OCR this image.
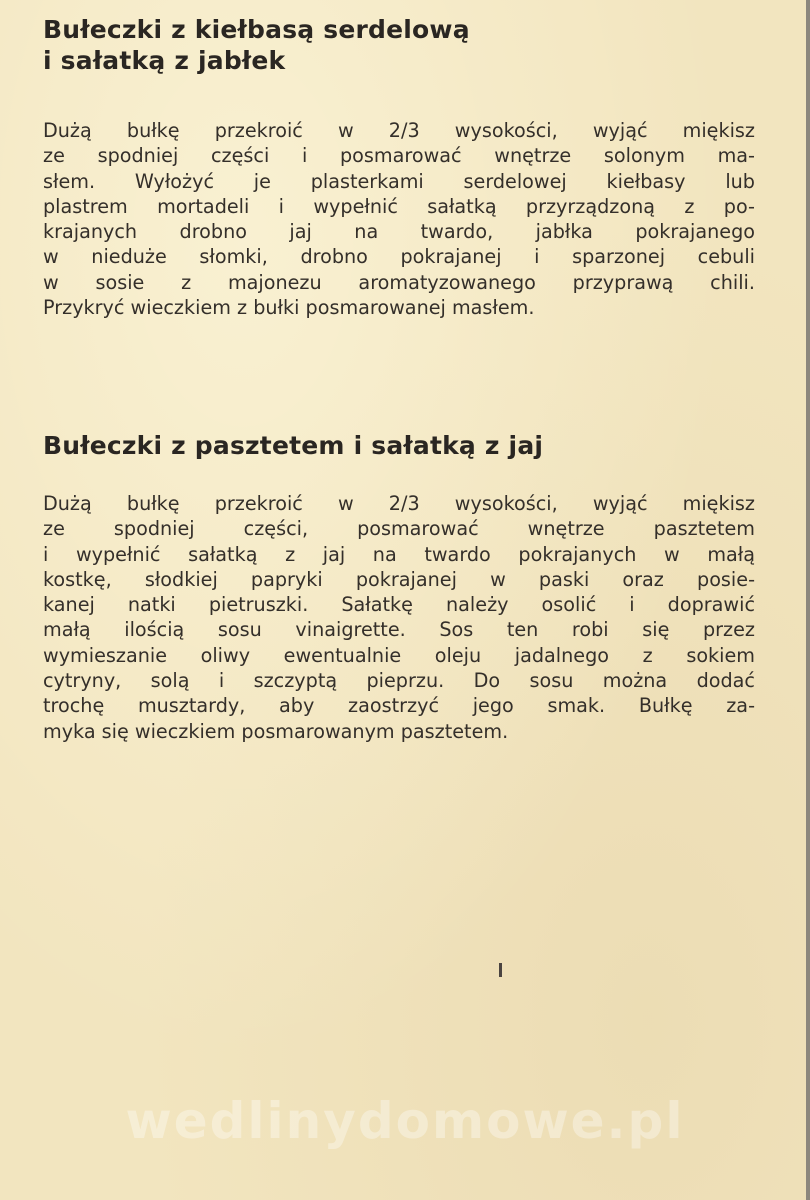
Bułeczki z kiełbasą serdelową
i sałatką z jabłek
Dużą bułkę przekroić w 2/3 wysokości, wyjąć miękisz
ze spodniej części i posmarować wnętrze solonym ma-
słem. Wyłożyć je plasterkami serdelowej kiełbasy lub
plastrem mortadeli i wypełnić sałatką przyrządzoną z po-
krajanych drobno jaj na twardo, jabłka pokrajanego
w nieduże słomki, drobno pokrajanej i sparzonej cebuli
w sosie z majonezu aromatyzowanego przyprawą chili.
Przykryć wieczkiem z bułki posmarowanej masłem.
Bułeczki z pasztetem i sałatką z jaj
Dużą bułkę przekroić w 2/3 wysokości, wyjąć miękisz
ze spodniej części, posmarować wnętrze pasztetem
i wypełnić sałatką z jaj na twardo pokrajanych w małą
kostkę, słodkiej papryki pokrajanej w paski oraz posie-
kanej natki pietruszki. Sałatkę należy osolić i doprawić
małą ilością sosu vinaigrette. Sos ten robi się przez
wymieszanie oliwy ewentualnie oleju jadalnego z sokiem
cytryny, solą i szczyptą pieprzu. Do sosu można dodać
trochę musztardy, aby zaostrzyć jego smak. Bułkę za-
myka się wieczkiem posmarowanym pasztetem.
wedlinydomowe.pl
